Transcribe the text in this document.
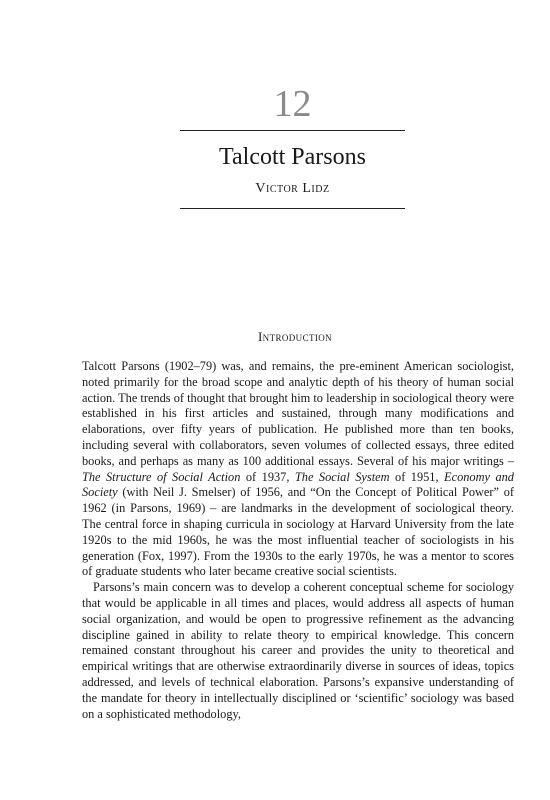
12
Talcott Parsons
Victor Lidz
Introduction

Talcott Parsons (1902–79) was, and remains, the pre-eminent American sociologist, noted primarily for the broad scope and analytic depth of his theory of human social action. The trends of thought that brought him to leadership in sociological theory were established in his first articles and sustained, through many modifications and elaborations, over fifty years of publication. He published more than ten books, including several with collaborators, seven volumes of collected essays, three edited books, and perhaps as many as 100 additional essays. Several of his major writings – The Structure of Social Action of 1937, The Social System of 1951, Economy and Society (with Neil J. Smelser) of 1956, and “On the Concept of Political Power” of 1962 (in Parsons, 1969) – are landmarks in the development of sociological theory. The central force in shaping curricula in sociology at Harvard University from the late 1920s to the mid 1960s, he was the most influential teacher of sociologists in his generation (Fox, 1997). From the 1930s to the early 1970s, he was a mentor to scores of graduate students who later became creative social scientists.

Parsons’s main concern was to develop a coherent conceptual scheme for sociology that would be applicable in all times and places, would address all aspects of human social organization, and would be open to progressive refinement as the advancing discipline gained in ability to relate theory to empirical knowledge. This concern remained constant throughout his career and provides the unity to theoretical and empirical writings that are otherwise extraordinarily diverse in sources of ideas, topics addressed, and levels of technical elaboration. Parsons’s expansive understanding of the mandate for theory in intellectually disciplined or ‘scientific’ sociology was based on a sophisticated methodology,
